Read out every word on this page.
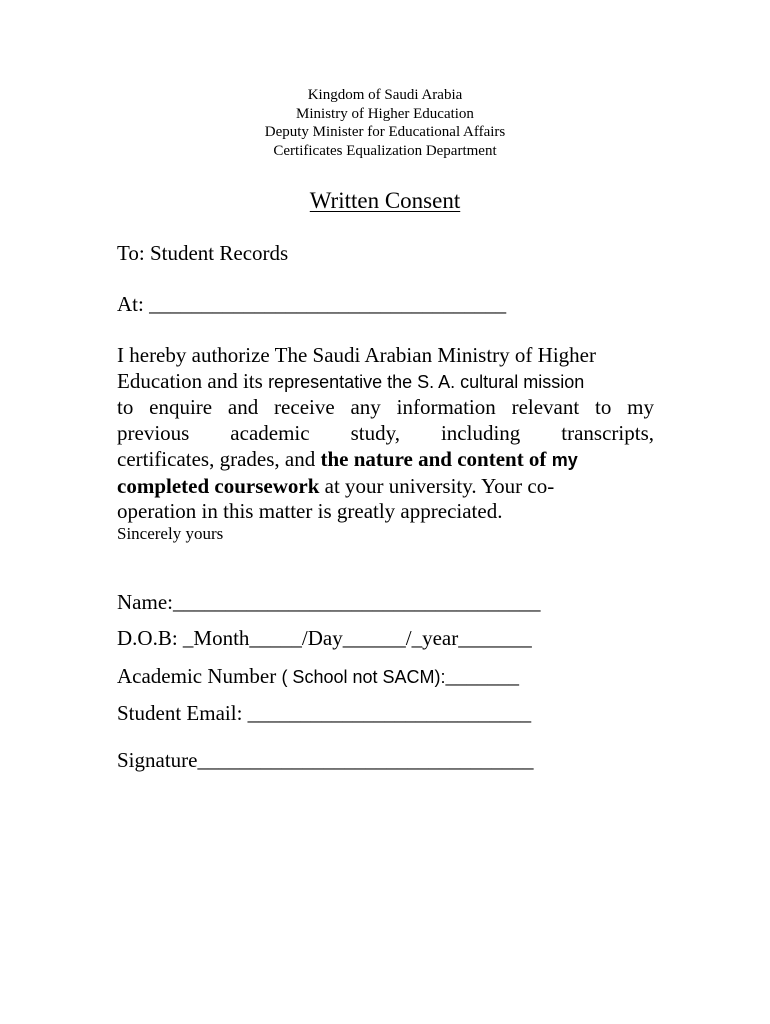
Kingdom of Saudi Arabia
Ministry of Higher Education
Deputy Minister for Educational Affairs
Certificates Equalization Department
Written Consent
To: Student Records
At: __________________________________
I hereby authorize The Saudi Arabian Ministry of Higher
Education and its representative the S. A. cultural mission
to enquire and receive any information relevant to my
previous academic study, including transcripts,
certificates, grades, and the nature and content of my
completed coursework at your university. Your co-
operation in this matter is greatly appreciated.
Sincerely yours
Name:___________________________________
D.O.B: _Month_____/Day______/_year_______
Academic Number ( School not SACM):_______
Student Email: ___________________________
Signature________________________________
